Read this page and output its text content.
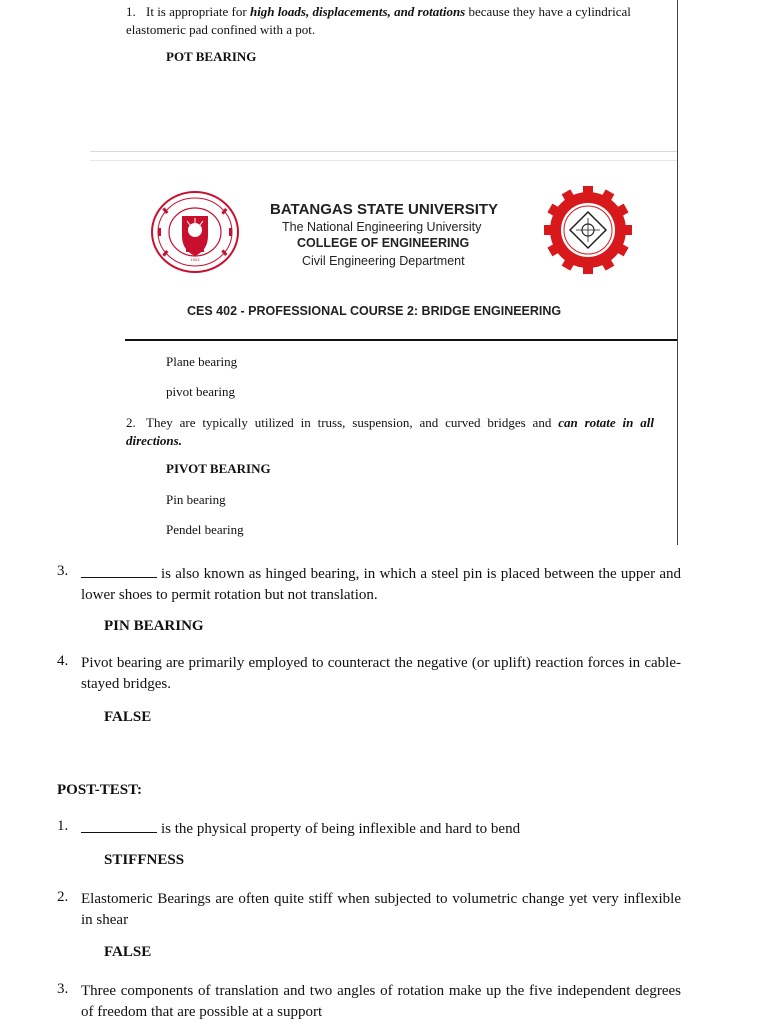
1. It is appropriate for high loads, displacements, and rotations because they have a cylindrical elastomeric pad confined with a pot.
POT BEARING
1903
BATANGAS STATE UNIVERSITY
The National Engineering University
COLLEGE OF ENGINEERING
Civil Engineering Department
CES 402 - PROFESSIONAL COURSE 2: BRIDGE ENGINEERING
Plane bearing
pivot bearing
2. They are typically utilized in truss, suspension, and curved bridges and can rotate in all directions.
PIVOT BEARING
Pin bearing
Pendel bearing
3.	is also known as hinged bearing, in which a steel pin is placed between the upper and lower shoes to permit rotation but not translation.
PIN BEARING
4. Pivot bearing are primarily employed to counteract the negative (or uplift) reaction forces in cable-stayed bridges.
FALSE
POST-TEST:
1.	is the physical property of being inflexible and hard to bend
STIFFNESS
2. Elastomeric Bearings are often quite stiff when subjected to volumetric change yet very inflexible in shear
FALSE
3. Three components of translation and two angles of rotation make up the five independent degrees of freedom that are possible at a support
